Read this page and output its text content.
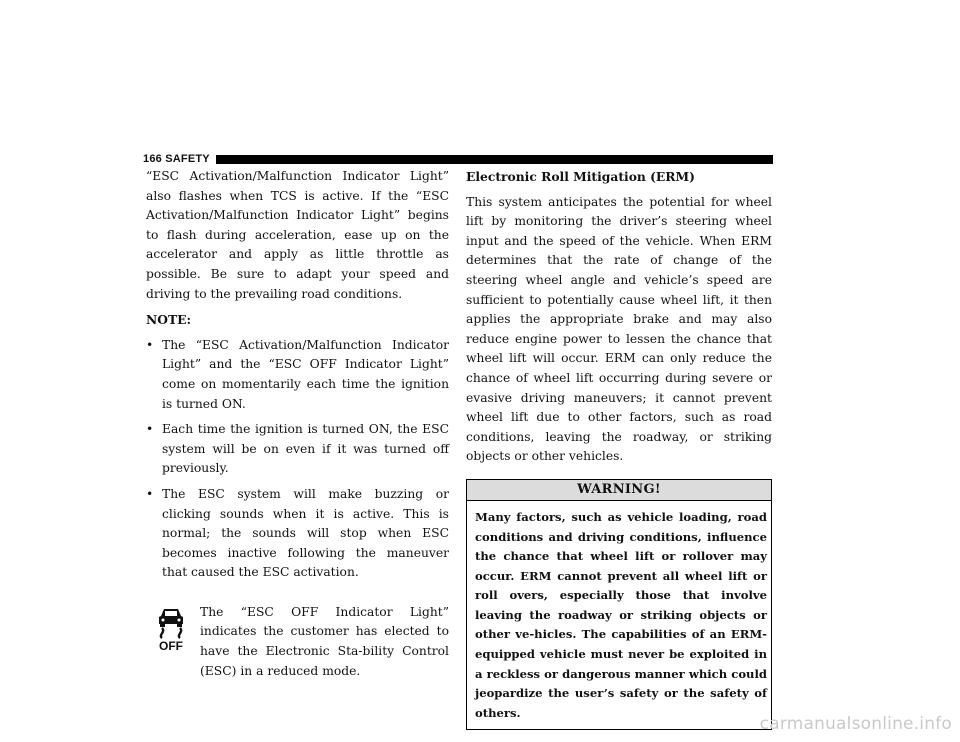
166 SAFETY

“ESC Activation/Malfunction Indicator Light” also flashes when TCS is active. If the “ESC Activation/Malfunction Indicator Light” begins to flash during acceleration, ease up on the accelerator and apply as little throttle as possible. Be sure to adapt your speed and driving to the prevailing road conditions.

NOTE:

• The “ESC Activation/Malfunction Indicator Light” and the “ESC OFF Indicator Light” come on momentarily each time the ignition is turned ON.
• Each time the ignition is turned ON, the ESC system will be on even if it was turned off previously.
• The ESC system will make buzzing or clicking sounds when it is active. This is normal; the sounds will stop when ESC becomes inactive following the maneuver that caused the ESC activation.
OFF

The “ESC OFF Indicator Light” indicates the customer has elected to have the Electronic Sta-bility Control (ESC) in a reduced mode.

Electronic Roll Mitigation (ERM)

This system anticipates the potential for wheel lift by monitoring the driver’s steering wheel input and the speed of the vehicle. When ERM determines that the rate of change of the steering wheel angle and vehicle’s speed are sufficient to potentially cause wheel lift, it then applies the appropriate brake and may also reduce engine power to lessen the chance that wheel lift will occur. ERM can only reduce the chance of wheel lift occurring during severe or evasive driving maneuvers; it cannot prevent wheel lift due to other factors, such as road conditions, leaving the roadway, or striking objects or other vehicles.

WARNING!
Many factors, such as vehicle loading, road conditions and driving conditions, influence the chance that wheel lift or rollover may occur. ERM cannot prevent all wheel lift or roll overs, especially those that involve leaving the roadway or striking objects or other ve-hicles. The capabilities of an ERM-equipped vehicle must never be exploited in a reckless or dangerous manner which could jeopardize the user’s safety or the safety of others.
carmanualsonline.info
